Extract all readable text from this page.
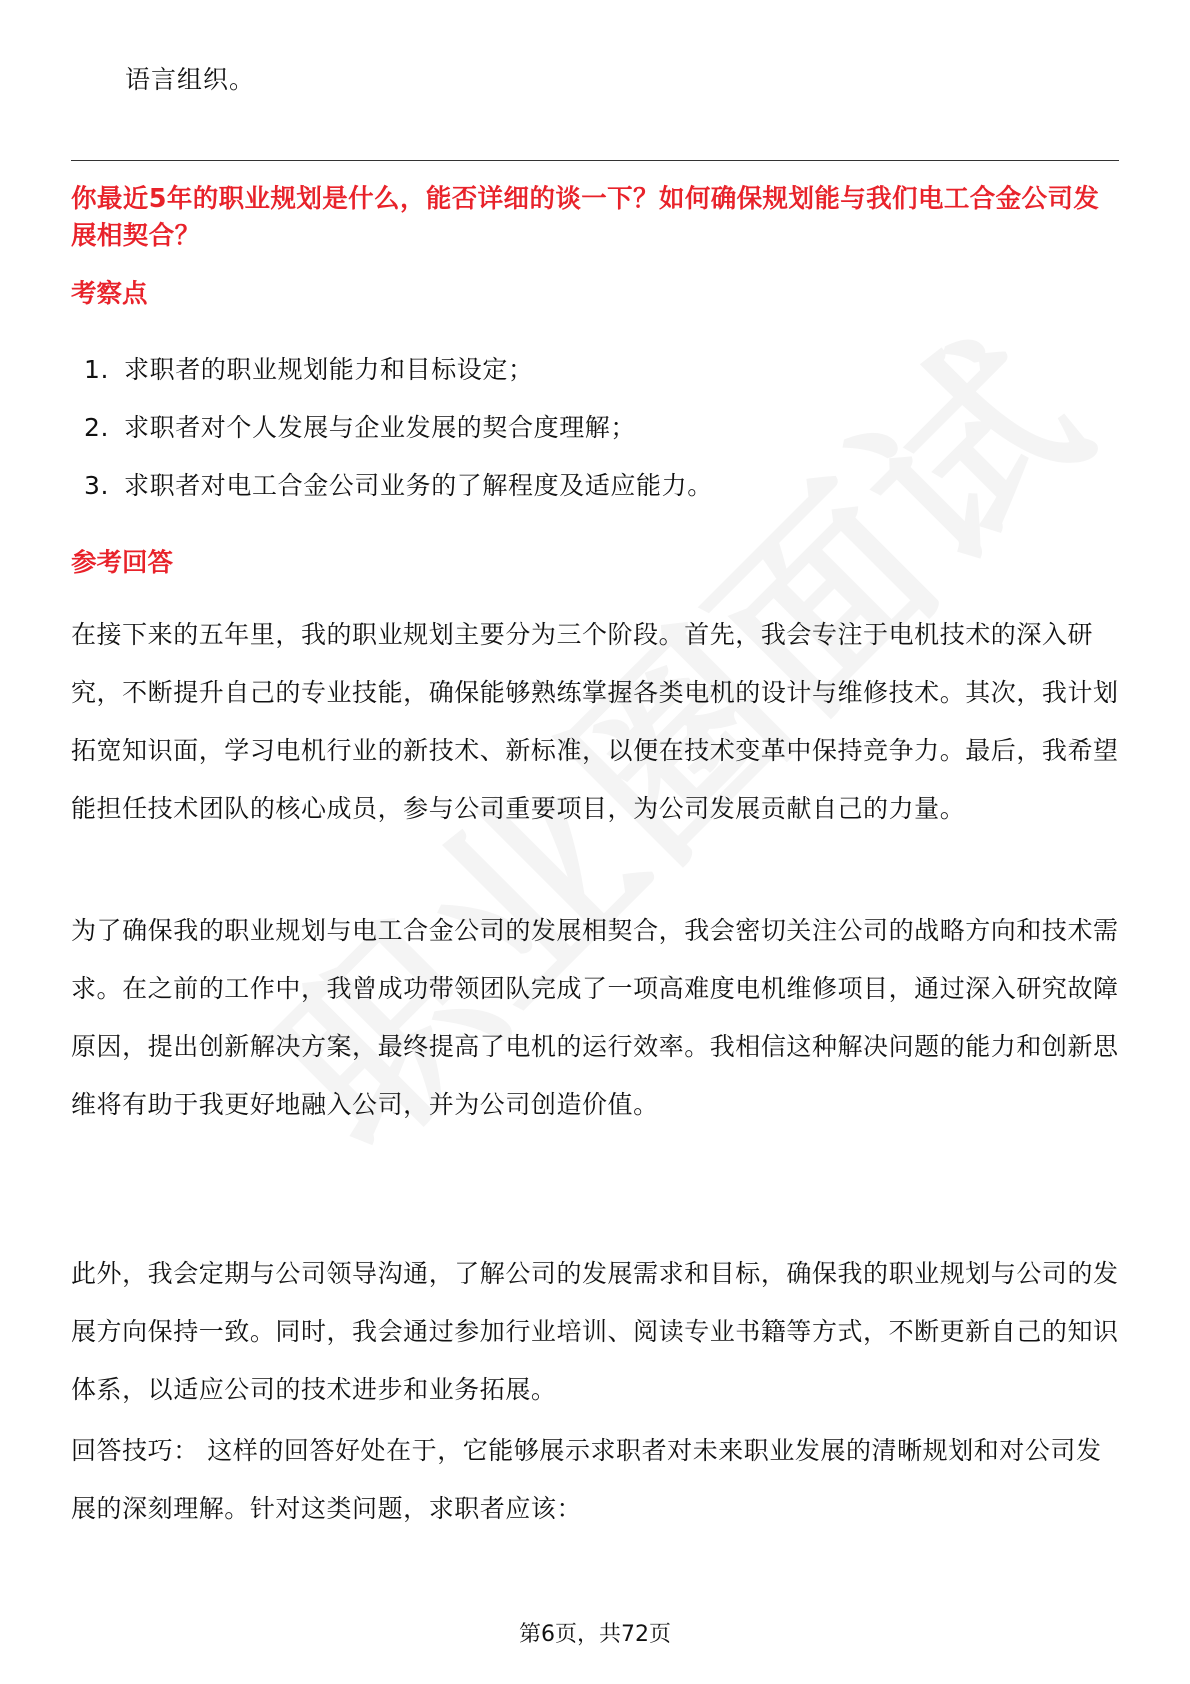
语言组织。
你最近5年的职业规划是什么，能否详细的谈一下？如何确保规划能与我们电工合金公司发展相契合？
考察点
1. 求职者的职业规划能力和目标设定；
2. 求职者对个人发展与企业发展的契合度理解；
3. 求职者对电工合金公司业务的了解程度及适应能力。
参考回答

在接下来的五年里，我的职业规划主要分为三个阶段。首先，我会专注于电机技术的深入研究，不断提升自己的专业技能，确保能够熟练掌握各类电机的设计与维修技术。其次，我计划拓宽知识面，学习电机行业的新技术、新标准，以便在技术变革中保持竞争力。最后，我希望能担任技术团队的核心成员，参与公司重要项目，为公司发展贡献自己的力量。

为了确保我的职业规划与电工合金公司的发展相契合，我会密切关注公司的战略方向和技术需求。在之前的工作中，我曾成功带领团队完成了一项高难度电机维修项目，通过深入研究故障原因，提出创新解决方案，最终提高了电机的运行效率。我相信这种解决问题的能力和创新思维将有助于我更好地融入公司，并为公司创造价值。

此外，我会定期与公司领导沟通，了解公司的发展需求和目标，确保我的职业规划与公司的发展方向保持一致。同时，我会通过参加行业培训、阅读专业书籍等方式，不断更新自己的知识体系，以适应公司的技术进步和业务拓展。

回答技巧： 这样的回答好处在于，它能够展示求职者对未来职业发展的清晰规划和对公司发展的深刻理解。针对这类问题，求职者应该：

第6页，共72页
